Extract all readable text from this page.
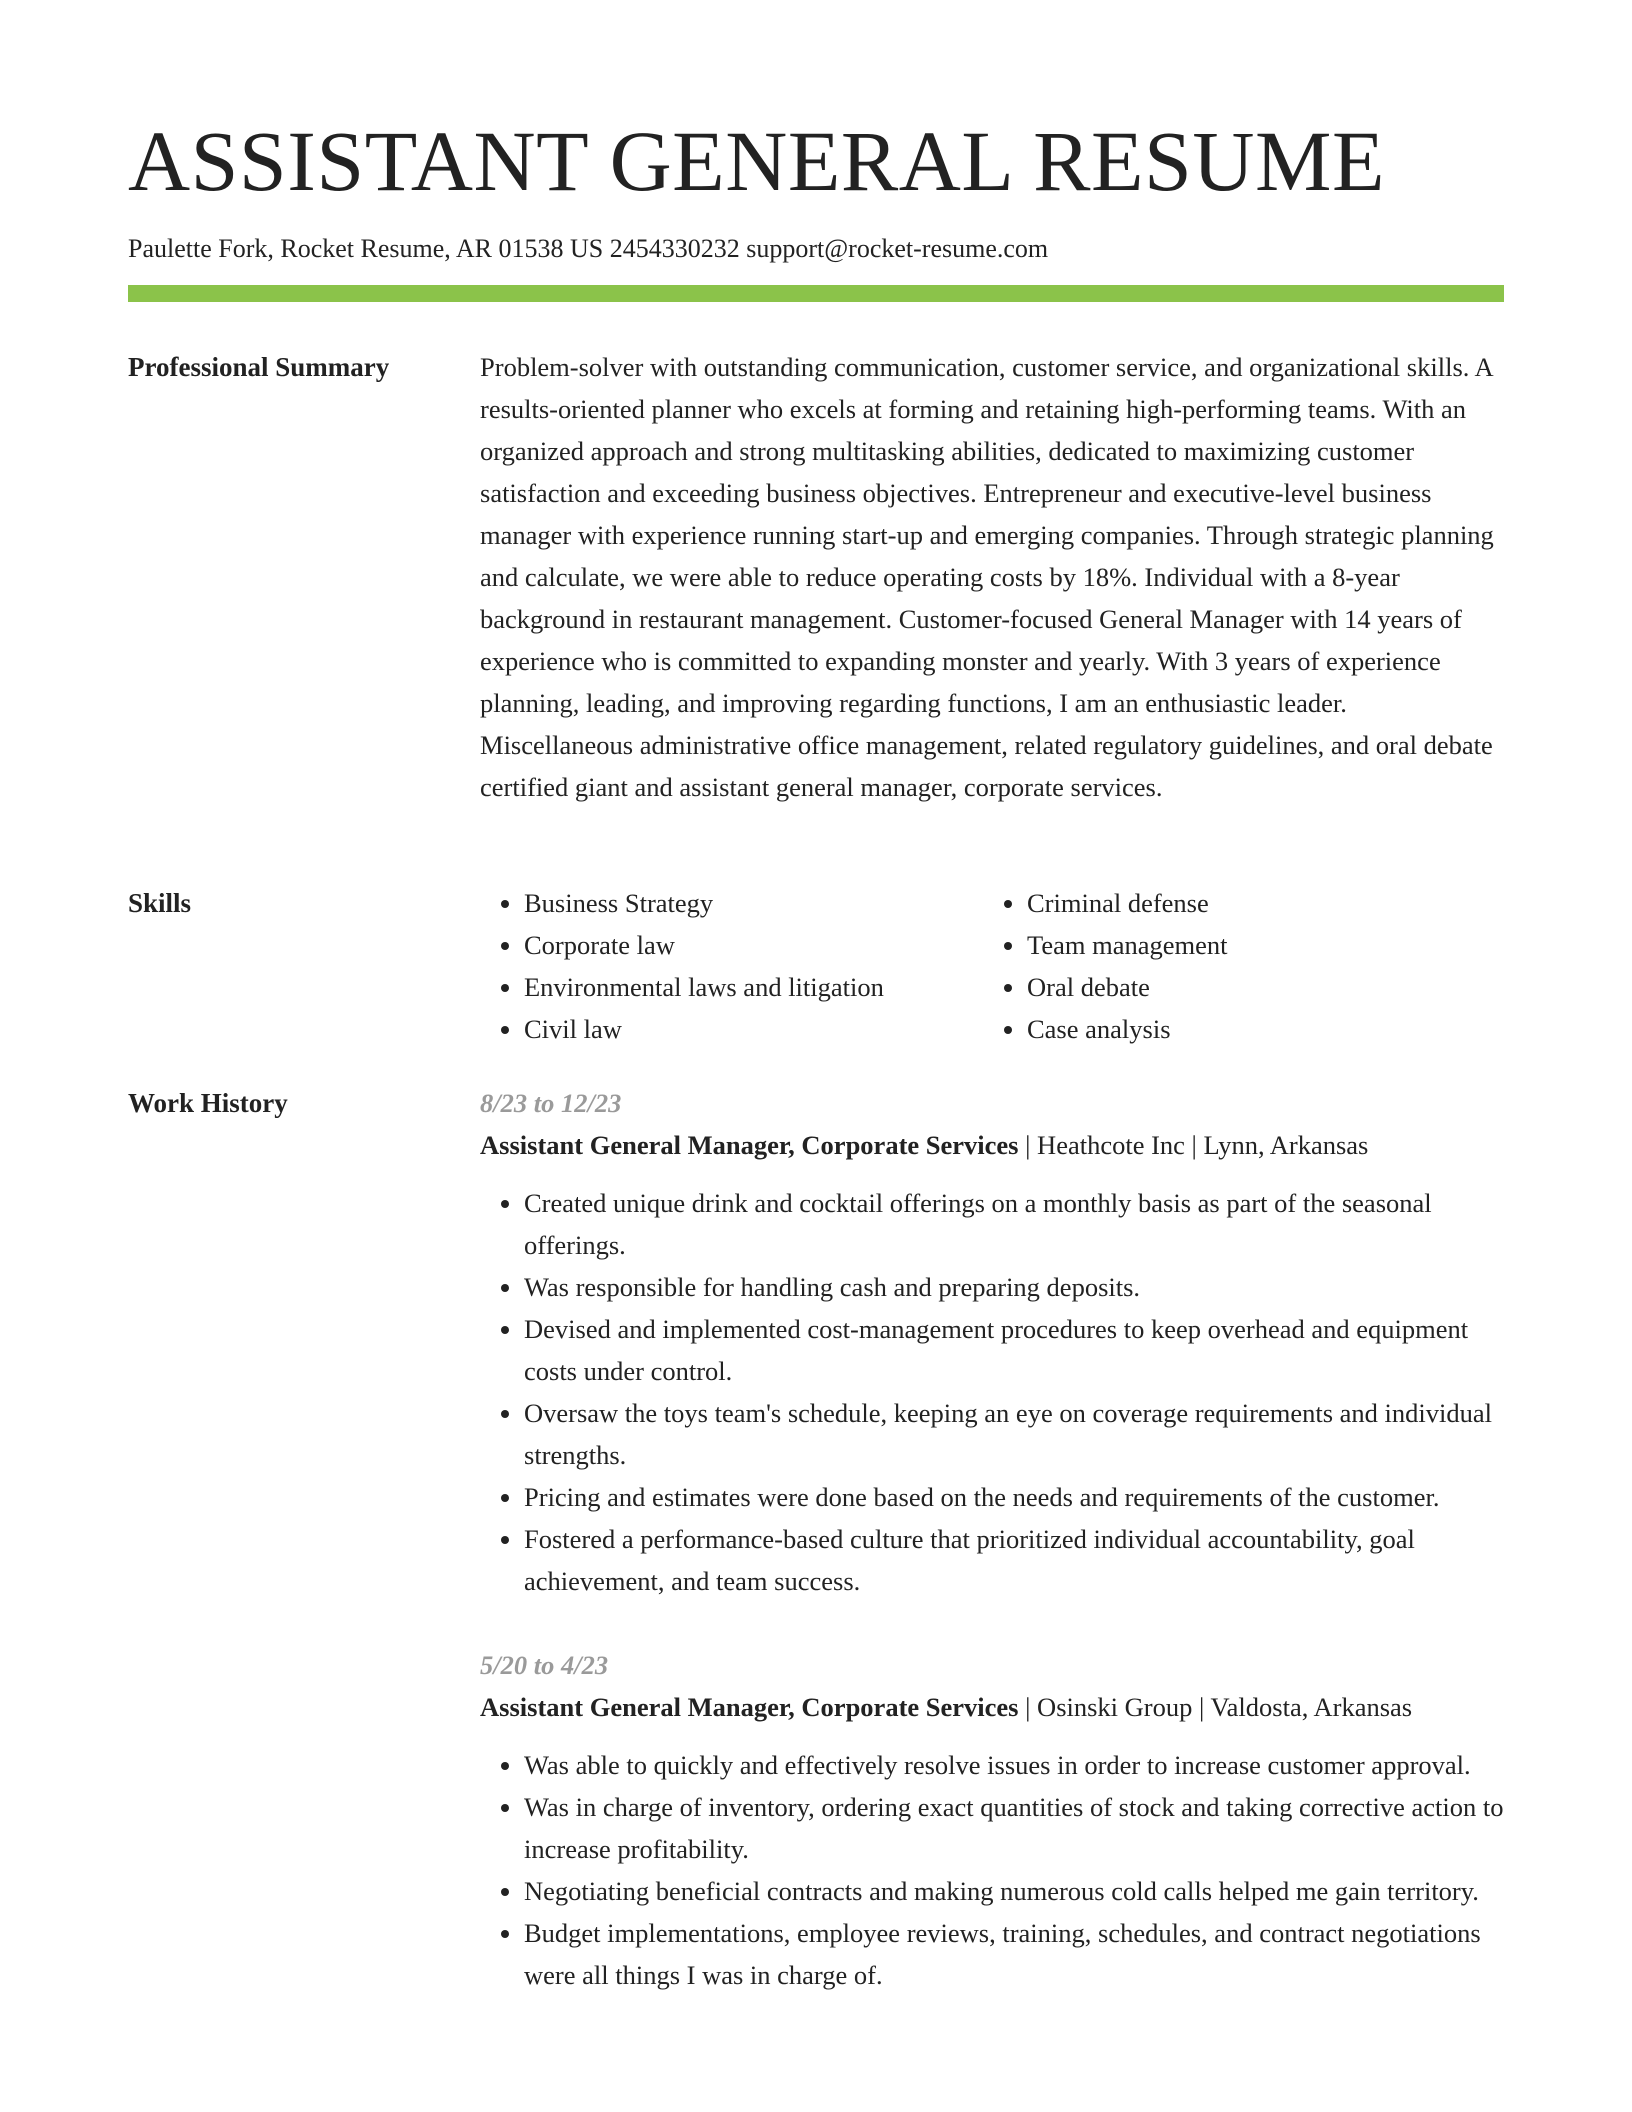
ASSISTANT GENERAL RESUME
Paulette Fork, Rocket Resume, AR 01538 US 2454330232 support@rocket-resume.com
Professional Summary	Problem-solver with outstanding communication, customer service, and organizational skills. A results-oriented planner who excels at forming and retaining high-performing teams. With an organized approach and strong multitasking abilities, dedicated to maximizing customer satisfaction and exceeding business objectives. Entrepreneur and executive-level business manager with experience running start-up and emerging companies. Through strategic planning and calculate, we were able to reduce operating costs by 18%. Individual with a 8-year background in restaurant management. Customer-focused General Manager with 14 years of experience who is committed to expanding monster and yearly. With 3 years of experience planning, leading, and improving regarding functions, I am an enthusiastic leader. Miscellaneous administrative office management, related regulatory guidelines, and oral debate certified giant and assistant general manager, corporate services.

Skills
•	Business Strategy
• Corporate law
• Environmental laws and litigation
• Civil law
• Criminal defense
• Team management
• Oral debate
• Case analysis
Work History	8/23 to 12/23
Assistant General Manager, Corporate Services | Heathcote Inc | Lynn, Arkansas
• Created unique drink and cocktail offerings on a monthly basis as part of the seasonal offerings.
• Was responsible for handling cash and preparing deposits.
• Devised and implemented cost-management procedures to keep overhead and equipment costs under control.
• Oversaw the toys team's schedule, keeping an eye on coverage requirements and individual strengths.
• Pricing and estimates were done based on the needs and requirements of the customer.
• Fostered a performance-based culture that prioritized individual accountability, goal achievement, and team success.
5/20 to 4/23
Assistant General Manager, Corporate Services | Osinski Group | Valdosta, Arkansas
• Was able to quickly and effectively resolve issues in order to increase customer approval.
• Was in charge of inventory, ordering exact quantities of stock and taking corrective action to increase profitability.
• Negotiating beneficial contracts and making numerous cold calls helped me gain territory.
• Budget implementations, employee reviews, training, schedules, and contract negotiations were all things I was in charge of.
